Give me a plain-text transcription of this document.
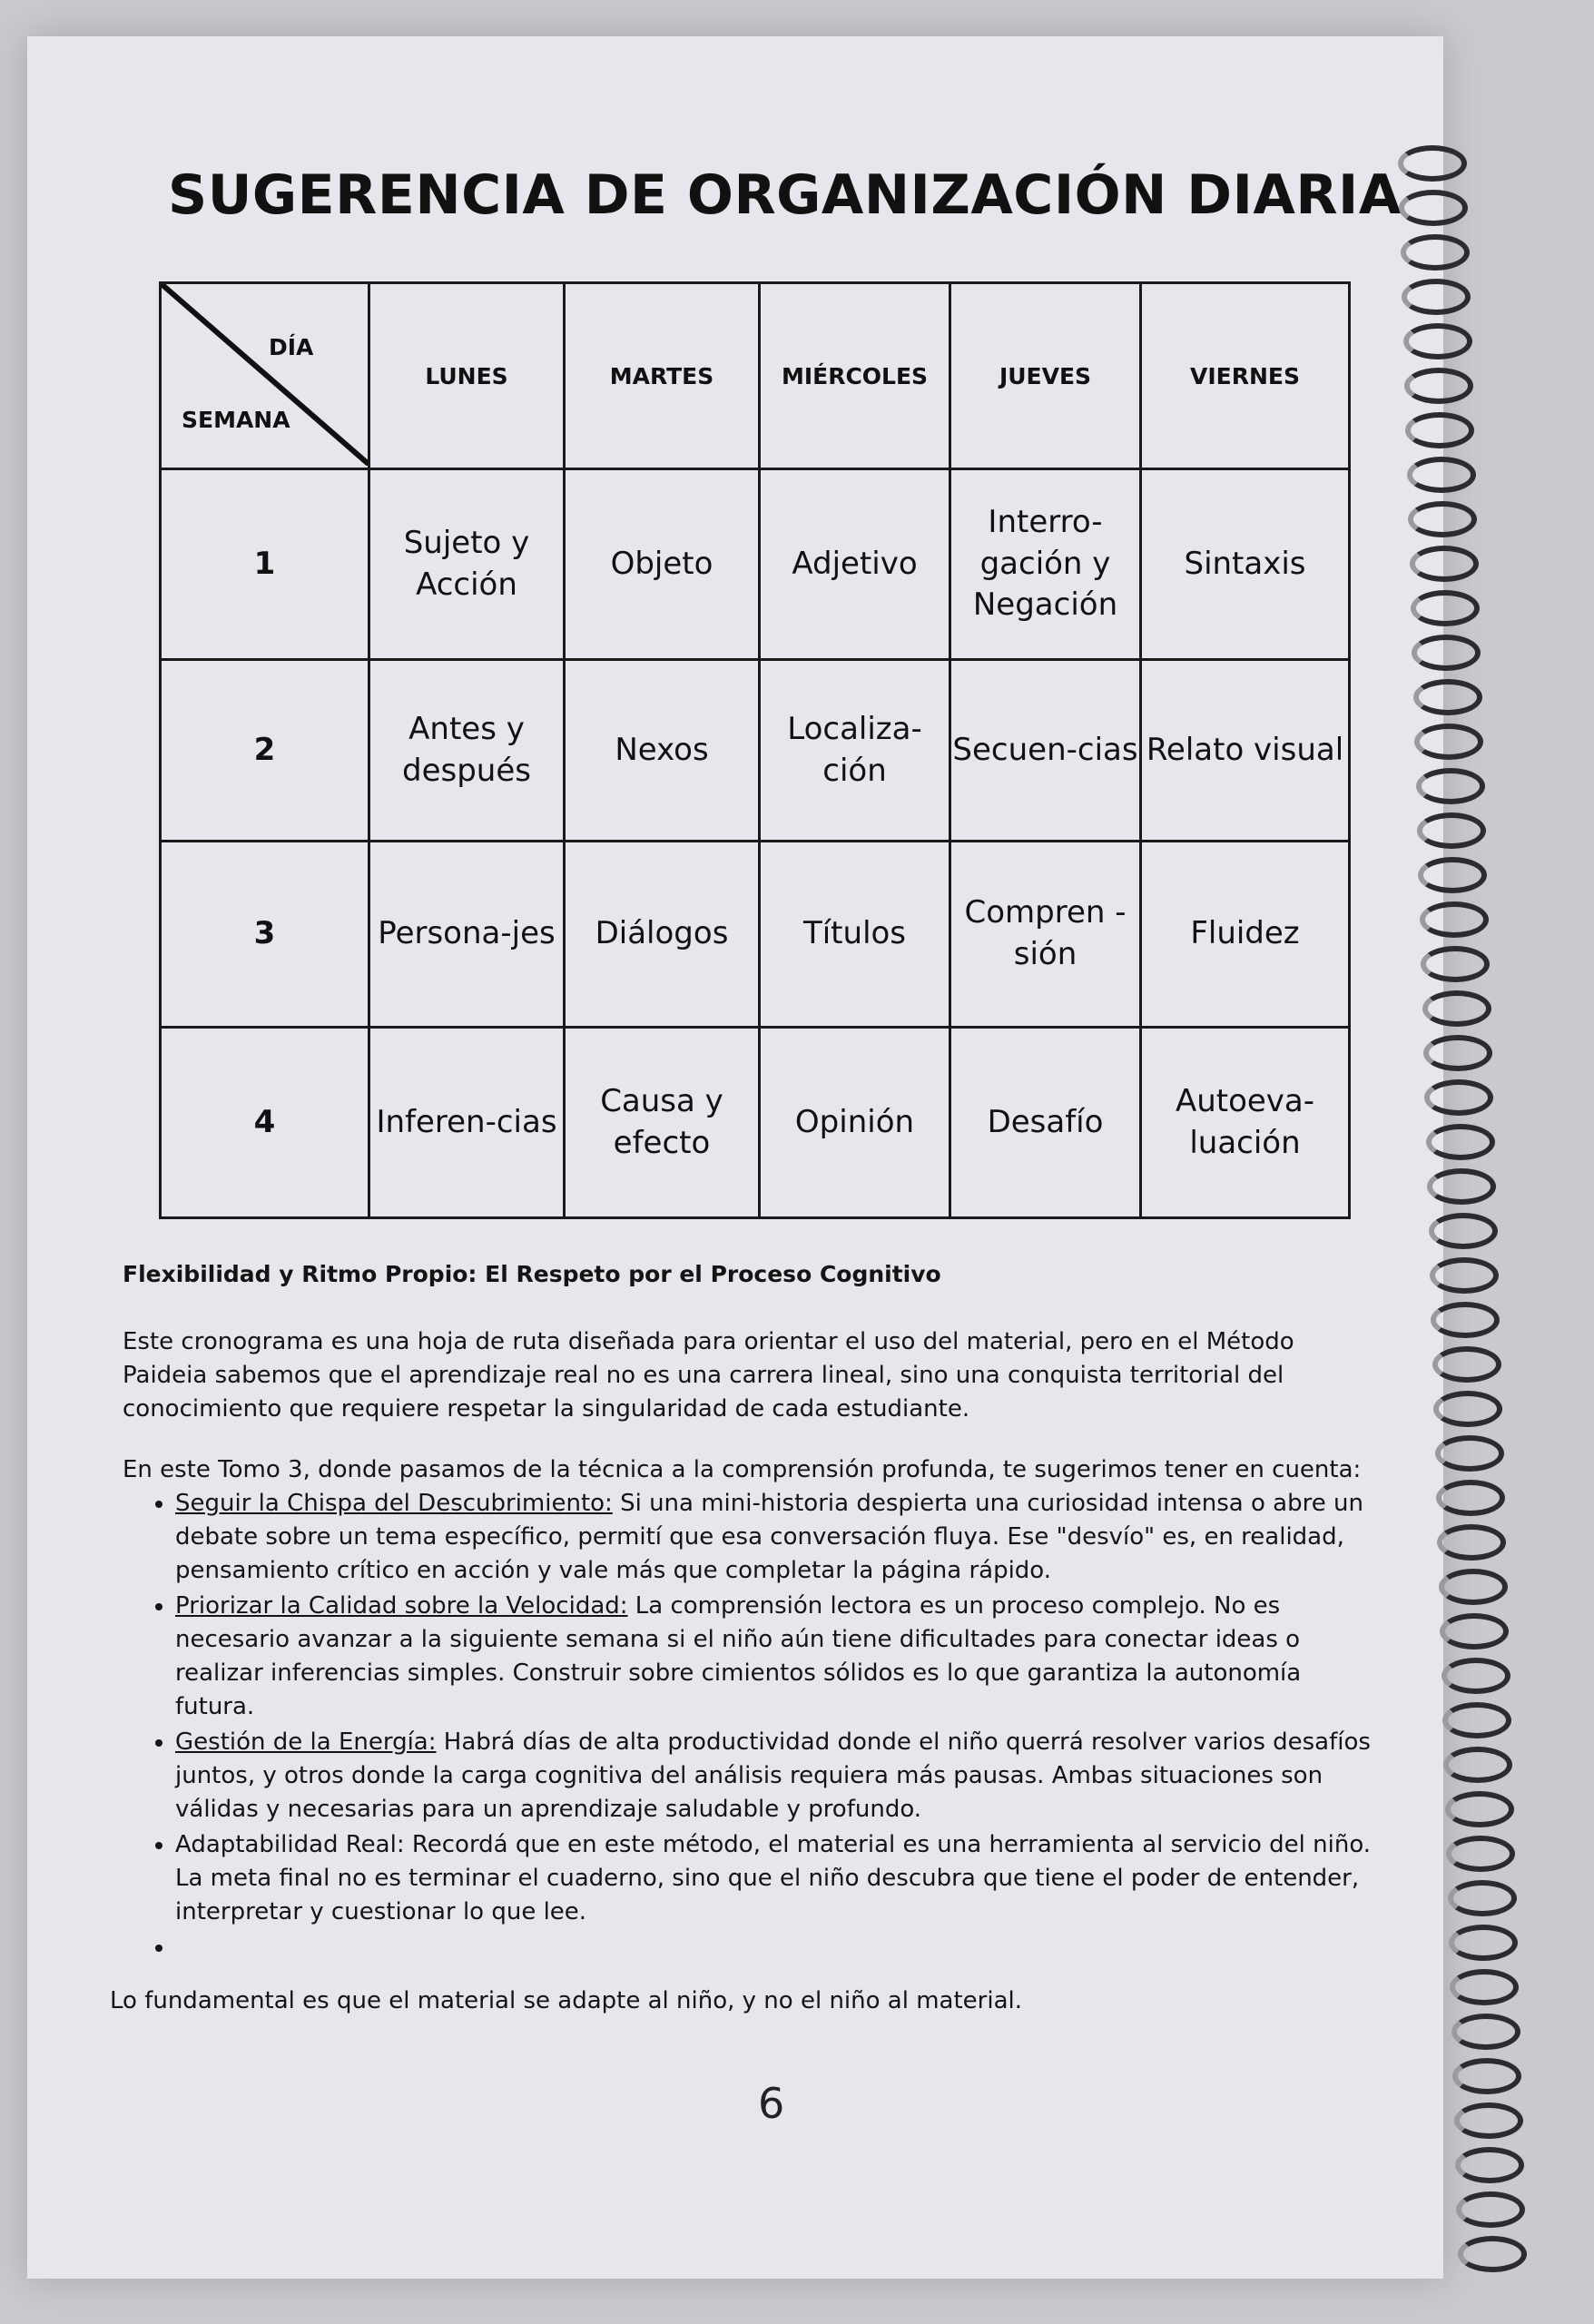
SUGERENCIA DE ORGANIZACIÓN DIARIA
DÍA
SEMANA	LUNES	MARTES	MIÉRCOLES	JUEVES	VIERNES
1	Sujeto y Acción	Objeto	Adjetivo	Interro-gación y Negación	Sintaxis
2	Antes y después	Nexos	Localiza-ción	Secuen-cias	Relato visual
3	Persona-jes	Diálogos	Títulos	Compren -sión	Fluidez
4	Inferen-cias	Causa y efecto	Opinión	Desafío	Autoeva-luación

Flexibilidad y Ritmo Propio: El Respeto por el Proceso Cognitivo

Este cronograma es una hoja de ruta diseñada para orientar el uso del material, pero en el Método Paideia sabemos que el aprendizaje real no es una carrera lineal, sino una conquista territorial del conocimiento que requiere respetar la singularidad de cada estudiante.

En este Tomo 3, donde pasamos de la técnica a la comprensión profunda, te sugerimos tener en cuenta:

• Seguir la Chispa del Descubrimiento: Si una mini-historia despierta una curiosidad intensa o abre un debate sobre un tema específico, permití que esa conversación fluya. Ese "desvío" es, en realidad, pensamiento crítico en acción y vale más que completar la página rápido.
• Priorizar la Calidad sobre la Velocidad: La comprensión lectora es un proceso complejo. No es necesario avanzar a la siguiente semana si el niño aún tiene dificultades para conectar ideas o realizar inferencias simples. Construir sobre cimientos sólidos es lo que garantiza la autonomía futura.
• Gestión de la Energía: Habrá días de alta productividad donde el niño querrá resolver varios desafíos juntos, y otros donde la carga cognitiva del análisis requiera más pausas. Ambas situaciones son válidas y necesarias para un aprendizaje saludable y profundo.
• Adaptabilidad Real: Recordá que en este método, el material es una herramienta al servicio del niño. La meta final no es terminar el cuaderno, sino que el niño descubra que tiene el poder de entender, interpretar y cuestionar lo que lee.
•

Lo fundamental es que el material se adapte al niño, y no el niño al material.

6
